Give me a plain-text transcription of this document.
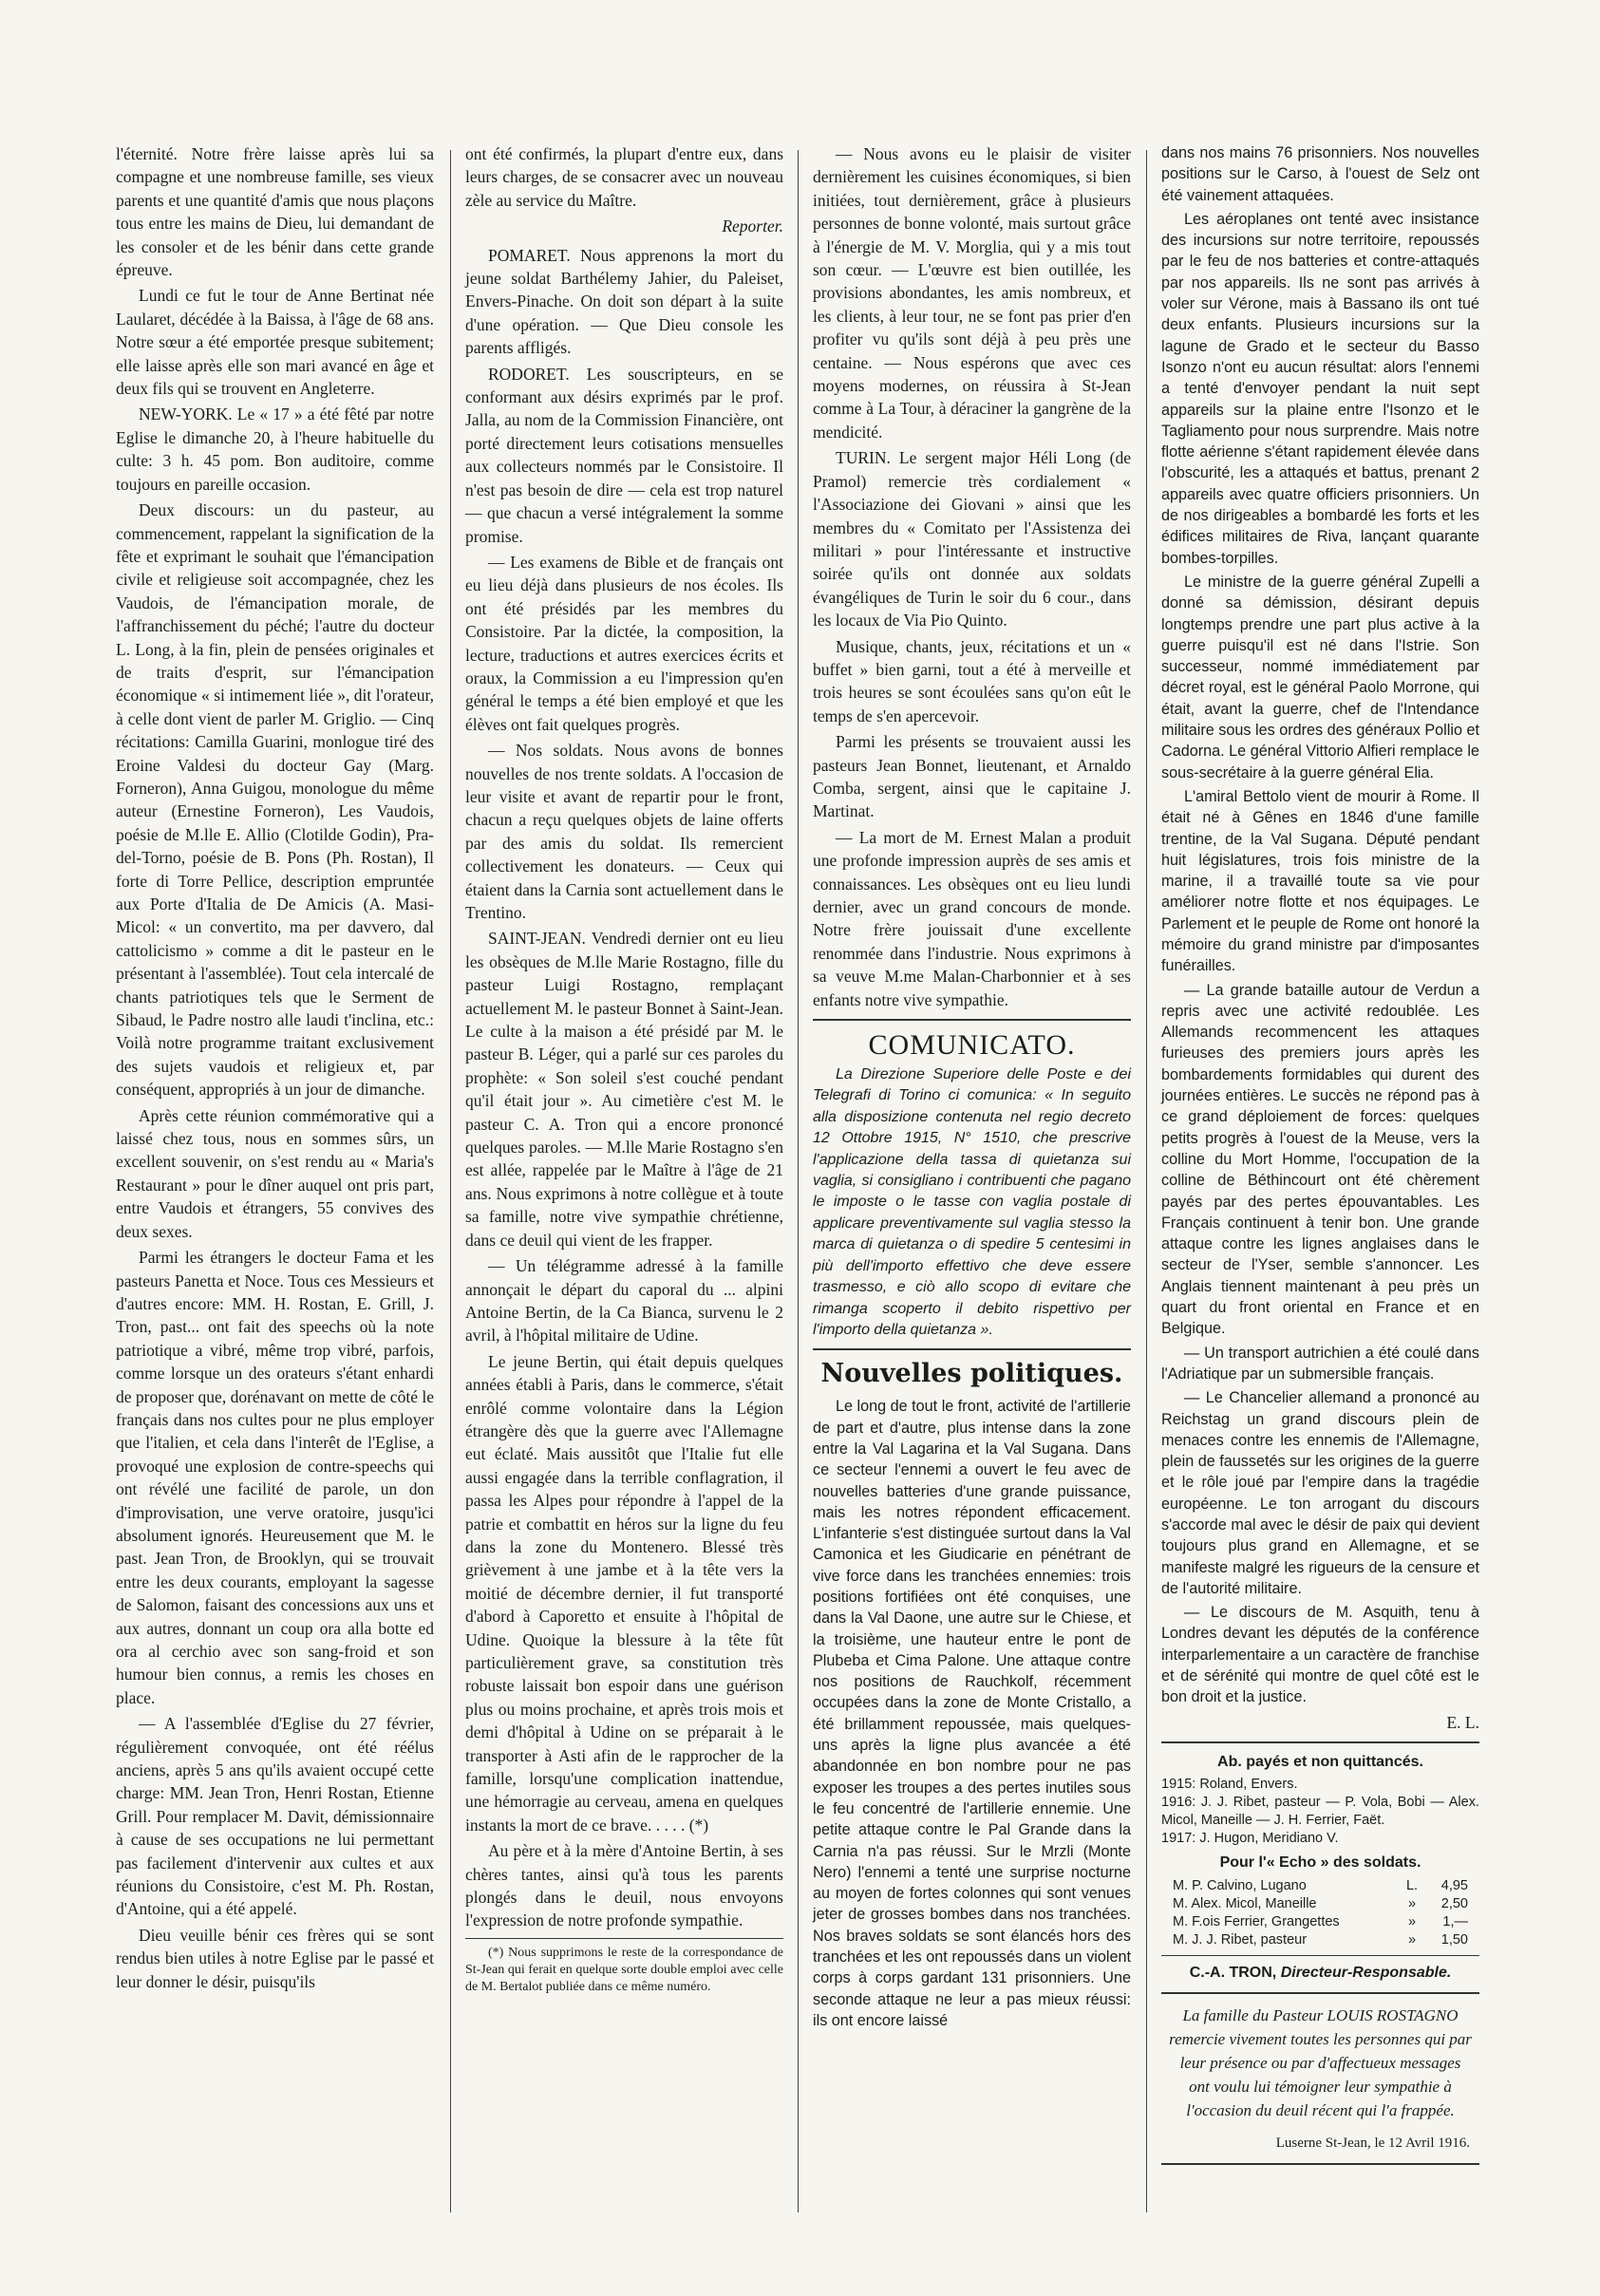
l'éternité. Notre frère laisse après lui sa compagne et une nombreuse famille, ses vieux parents et une quantité d'amis que nous plaçons tous entre les mains de Dieu, lui demandant de les consoler et de les bénir dans cette grande épreuve.

Lundi ce fut le tour de Anne Bertinat née Laularet, décédée à la Baissa, à l'âge de 68 ans. Notre sœur a été emportée presque subitement; elle laisse après elle son mari avancé en âge et deux fils qui se trouvent en Angleterre.

NEW-YORK. Le « 17 » a été fêté par notre Eglise le dimanche 20, à l'heure habituelle du culte: 3 h. 45 pom. Bon auditoire, comme toujours en pareille occasion.

Deux discours: un du pasteur, au commencement, rappelant la signification de la fête et exprimant le souhait que l'émancipation civile et religieuse soit accompagnée, chez les Vaudois, de l'émancipation morale, de l'affranchissement du péché; l'autre du docteur L. Long, à la fin, plein de pensées originales et de traits d'esprit, sur l'émancipation économique « si intimement liée », dit l'orateur, à celle dont vient de parler M. Griglio. — Cinq récitations: Camilla Guarini, monlogue tiré des Eroine Valdesi du docteur Gay (Marg. Forneron), Anna Guigou, monologue du même auteur (Ernestine Forneron), Les Vaudois, poésie de M.lle E. Allio (Clotilde Godin), Pra-del-Torno, poésie de B. Pons (Ph. Rostan), Il forte di Torre Pellice, description empruntée aux Porte d'Italia de De Amicis (A. Masi-Micol: « un convertito, ma per davvero, dal cattolicismo » comme a dit le pasteur en le présentant à l'assemblée). Tout cela intercalé de chants patriotiques tels que le Serment de Sibaud, le Padre nostro alle laudi t'inclina, etc.: Voilà notre programme traitant exclusivement des sujets vaudois et religieux et, par conséquent, appropriés à un jour de dimanche.

Après cette réunion commémorative qui a laissé chez tous, nous en sommes sûrs, un excellent souvenir, on s'est rendu au « Maria's Restaurant » pour le dîner auquel ont pris part, entre Vaudois et étrangers, 55 convives des deux sexes.

Parmi les étrangers le docteur Fama et les pasteurs Panetta et Noce. Tous ces Messieurs et d'autres encore: MM. H. Rostan, E. Grill, J. Tron, past... ont fait des speechs où la note patriotique a vibré, même trop vibré, parfois, comme lorsque un des orateurs s'étant enhardi de proposer que, dorénavant on mette de côté le français dans nos cultes pour ne plus employer que l'italien, et cela dans l'interêt de l'Eglise, a provoqué une explosion de contre-speechs qui ont révélé une facilité de parole, un don d'improvisation, une verve oratoire, jusqu'ici absolument ignorés. Heureusement que M. le past. Jean Tron, de Brooklyn, qui se trouvait entre les deux courants, employant la sagesse de Salomon, faisant des concessions aux uns et aux autres, donnant un coup ora alla botte ed ora al cerchio avec son sang-froid et son humour bien connus, a remis les choses en place.

— A l'assemblée d'Eglise du 27 février, régulièrement convoquée, ont été réélus anciens, après 5 ans qu'ils avaient occupé cette charge: MM. Jean Tron, Henri Rostan, Etienne Grill. Pour remplacer M. Davit, démissionnaire à cause de ses occupations ne lui permettant pas facilement d'intervenir aux cultes et aux réunions du Consistoire, c'est M. Ph. Rostan, d'Antoine, qui a été appelé.

Dieu veuille bénir ces frères qui se sont rendus bien utiles à notre Eglise par le passé et leur donner le désir, puisqu'ils

ont été confirmés, la plupart d'entre eux, dans leurs charges, de se consacrer avec un nouveau zèle au service du Maître.

Reporter.

POMARET. Nous apprenons la mort du jeune soldat Barthélemy Jahier, du Paleiset, Envers-Pinache. On doit son départ à la suite d'une opération. — Que Dieu console les parents affligés.

RODORET. Les souscripteurs, en se conformant aux désirs exprimés par le prof. Jalla, au nom de la Commission Financière, ont porté directement leurs cotisations mensuelles aux collecteurs nommés par le Consistoire. Il n'est pas besoin de dire — cela est trop naturel — que chacun a versé intégralement la somme promise.

— Les examens de Bible et de français ont eu lieu déjà dans plusieurs de nos écoles. Ils ont été présidés par les membres du Consistoire. Par la dictée, la composition, la lecture, traductions et autres exercices écrits et oraux, la Commission a eu l'impression qu'en général le temps a été bien employé et que les élèves ont fait quelques progrès.

— Nos soldats. Nous avons de bonnes nouvelles de nos trente soldats. A l'occasion de leur visite et avant de repartir pour le front, chacun a reçu quelques objets de laine offerts par des amis du soldat. Ils remercient collectivement les donateurs. — Ceux qui étaient dans la Carnia sont actuellement dans le Trentino.

SAINT-JEAN. Vendredi dernier ont eu lieu les obsèques de M.lle Marie Rostagno, fille du pasteur Luigi Rostagno, remplaçant actuellement M. le pasteur Bonnet à Saint-Jean. Le culte à la maison a été présidé par M. le pasteur B. Léger, qui a parlé sur ces paroles du prophète: « Son soleil s'est couché pendant qu'il était jour ». Au cimetière c'est M. le pasteur C. A. Tron qui a encore prononcé quelques paroles. — M.lle Marie Rostagno s'en est allée, rappelée par le Maître à l'âge de 21 ans. Nous exprimons à notre collègue et à toute sa famille, notre vive sympathie chrétienne, dans ce deuil qui vient de les frapper.

— Un télégramme adressé à la famille annonçait le départ du caporal du ... alpini Antoine Bertin, de la Ca Bianca, survenu le 2 avril, à l'hôpital militaire de Udine.

Le jeune Bertin, qui était depuis quelques années établi à Paris, dans le commerce, s'était enrôlé comme volontaire dans la Légion étrangère dès que la guerre avec l'Allemagne eut éclaté. Mais aussitôt que l'Italie fut elle aussi engagée dans la terrible conflagration, il passa les Alpes pour répondre à l'appel de la patrie et combattit en héros sur la ligne du feu dans la zone du Montenero. Blessé très grièvement à une jambe et à la tête vers la moitié de décembre dernier, il fut transporté d'abord à Caporetto et ensuite à l'hôpital de Udine. Quoique la blessure à la tête fût particulièrement grave, sa constitution très robuste laissait bon espoir dans une guérison plus ou moins prochaine, et après trois mois et demi d'hôpital à Udine on se préparait à le transporter à Asti afin de le rapprocher de la famille, lorsqu'une complication inattendue, une hémorragie au cerveau, amena en quelques instants la mort de ce brave. . . . . (*)

Au père et à la mère d'Antoine Bertin, à ses chères tantes, ainsi qu'à tous les parents plongés dans le deuil, nous envoyons l'expression de notre profonde sympathie.

(*) Nous supprimons le reste de la correspondance de St-Jean qui ferait en quelque sorte double emploi avec celle de M. Bertalot publiée dans ce même numéro.

— Nous avons eu le plaisir de visiter dernièrement les cuisines économiques, si bien initiées, tout dernièrement, grâce à plusieurs personnes de bonne volonté, mais surtout grâce à l'énergie de M. V. Morglia, qui y a mis tout son cœur. — L'œuvre est bien outillée, les provisions abondantes, les amis nombreux, et les clients, à leur tour, ne se font pas prier d'en profiter vu qu'ils sont déjà à peu près une centaine. — Nous espérons que avec ces moyens modernes, on réussira à St-Jean comme à La Tour, à déraciner la gangrène de la mendicité.

TURIN. Le sergent major Héli Long (de Pramol) remercie très cordialement « l'Associazione dei Giovani » ainsi que les membres du « Comitato per l'Assistenza dei militari » pour l'intéressante et instructive soirée qu'ils ont donnée aux soldats évangéliques de Turin le soir du 6 cour., dans les locaux de Via Pio Quinto.

Musique, chants, jeux, récitations et un « buffet » bien garni, tout a été à merveille et trois heures se sont écoulées sans qu'on eût le temps de s'en apercevoir.

Parmi les présents se trouvaient aussi les pasteurs Jean Bonnet, lieutenant, et Arnaldo Comba, sergent, ainsi que le capitaine J. Martinat.

— La mort de M. Ernest Malan a produit une profonde impression auprès de ses amis et connaissances. Les obsèques ont eu lieu lundi dernier, avec un grand concours de monde. Notre frère jouissait d'une excellente renommée dans l'industrie. Nous exprimons à sa veuve M.me Malan-Charbonnier et à ses enfants notre vive sympathie.

COMUNICATO.

La Direzione Superiore delle Poste e dei Telegrafi di Torino ci comunica: « In seguito alla disposizione contenuta nel regio decreto 12 Ottobre 1915, N° 1510, che prescrive l'applicazione della tassa di quietanza sui vaglia, si consigliano i contribuenti che pagano le imposte o le tasse con vaglia postale di applicare preventivamente sul vaglia stesso la marca di quietanza o di spedire 5 centesimi in più dell'importo effettivo che deve essere trasmesso, e ciò allo scopo di evitare che rimanga scoperto il debito rispettivo per l'importo della quietanza ».

Nouvelles politiques.

Le long de tout le front, activité de l'artillerie de part et d'autre, plus intense dans la zone entre la Val Lagarina et la Val Sugana. Dans ce secteur l'ennemi a ouvert le feu avec de nouvelles batteries d'une grande puissance, mais les notres répondent efficacement. L'infanterie s'est distinguée surtout dans la Val Camonica et les Giudicarie en pénétrant de vive force dans les tranchées ennemies: trois positions fortifiées ont été conquises, une dans la Val Daone, une autre sur le Chiese, et la troisième, une hauteur entre le pont de Plubeba et Cima Palone. Une attaque contre nos positions de Rauchkolf, récemment occupées dans la zone de Monte Cristallo, a été brillamment repoussée, mais quelques-uns après la ligne plus avancée a été abandonnée en bon nombre pour ne pas exposer les troupes a des pertes inutiles sous le feu concentré de l'artillerie ennemie. Une petite attaque contre le Pal Grande dans la Carnia n'a pas réussi. Sur le Mrzli (Monte Nero) l'ennemi a tenté une surprise nocturne au moyen de fortes colonnes qui sont venues jeter de grosses bombes dans nos tranchées. Nos braves soldats se sont élancés hors des tranchées et les ont repoussés dans un violent corps à corps gardant 131 prisonniers. Une seconde attaque ne leur a pas mieux réussi: ils ont encore laissé

dans nos mains 76 prisonniers. Nos nouvelles positions sur le Carso, à l'ouest de Selz ont été vainement attaquées.

Les aéroplanes ont tenté avec insistance des incursions sur notre territoire, repoussés par le feu de nos batteries et contre-attaqués par nos appareils. Ils ne sont pas arrivés à voler sur Vérone, mais à Bassano ils ont tué deux enfants. Plusieurs incursions sur la lagune de Grado et le secteur du Basso Isonzo n'ont eu aucun résultat: alors l'ennemi a tenté d'envoyer pendant la nuit sept appareils sur la plaine entre l'Isonzo et le Tagliamento pour nous surprendre. Mais notre flotte aérienne s'étant rapidement élevée dans l'obscurité, les a attaqués et battus, prenant 2 appareils avec quatre officiers prisonniers. Un de nos dirigeables a bombardé les forts et les édifices militaires de Riva, lançant quarante bombes-torpilles.

Le ministre de la guerre général Zupelli a donné sa démission, désirant depuis longtemps prendre une part plus active à la guerre puisqu'il est né dans l'Istrie. Son successeur, nommé immédiatement par décret royal, est le général Paolo Morrone, qui était, avant la guerre, chef de l'Intendance militaire sous les ordres des généraux Pollio et Cadorna. Le général Vittorio Alfieri remplace le sous-secrétaire à la guerre général Elia.

L'amiral Bettolo vient de mourir à Rome. Il était né à Gênes en 1846 d'une famille trentine, de la Val Sugana. Député pendant huit législatures, trois fois ministre de la marine, il a travaillé toute sa vie pour améliorer notre flotte et nos équipages. Le Parlement et le peuple de Rome ont honoré la mémoire du grand ministre par d'imposantes funérailles.

— La grande bataille autour de Verdun a repris avec une activité redoublée. Les Allemands recommencent les attaques furieuses des premiers jours après les bombardements formidables qui durent des journées entières. Le succès ne répond pas à ce grand déploiement de forces: quelques petits progrès à l'ouest de la Meuse, vers la colline du Mort Homme, l'occupation de la colline de Béthincourt ont été chèrement payés par des pertes épouvantables. Les Français continuent à tenir bon. Une grande attaque contre les lignes anglaises dans le secteur de l'Yser, semble s'annoncer. Les Anglais tiennent maintenant à peu près un quart du front oriental en France et en Belgique.

— Un transport autrichien a été coulé dans l'Adriatique par un submersible français.

— Le Chancelier allemand a prononcé au Reichstag un grand discours plein de menaces contre les ennemis de l'Allemagne, plein de faussetés sur les origines de la guerre et le rôle joué par l'empire dans la tragédie européenne. Le ton arrogant du discours s'accorde mal avec le désir de paix qui devient toujours plus grand en Allemagne, et se manifeste malgré les rigueurs de la censure et de l'autorité militaire.

— Le discours de M. Asquith, tenu à Londres devant les députés de la conférence interparlementaire a un caractère de franchise et de sérénité qui montre de quel côté est le bon droit et la justice.

E. L.
Ab. payés et non quittancés.

1915: Roland, Envers.

1916: J. J. Ribet, pasteur — P. Vola, Bobi — Alex. Micol, Maneille — J. H. Ferrier, Faët.

1917: J. Hugon, Meridiano V.

Pour l'« Echo » des soldats.
M. P. Calvino, Lugano	L.	4,95
M. Alex. Micol, Maneille	»	2,50
M. F.ois Ferrier, Grangettes	»	1,—
M. J. J. Ribet, pasteur	»	1,50
C.-A. TRON, Directeur-Responsable.
La famille du Pasteur LOUIS ROSTAGNO remercie vivement toutes les personnes qui par leur présence ou par d'affectueux messages ont voulu lui témoigner leur sympathie à l'occasion du deuil récent qui l'a frappée.
Luserne St-Jean, le 12 Avril 1916.
